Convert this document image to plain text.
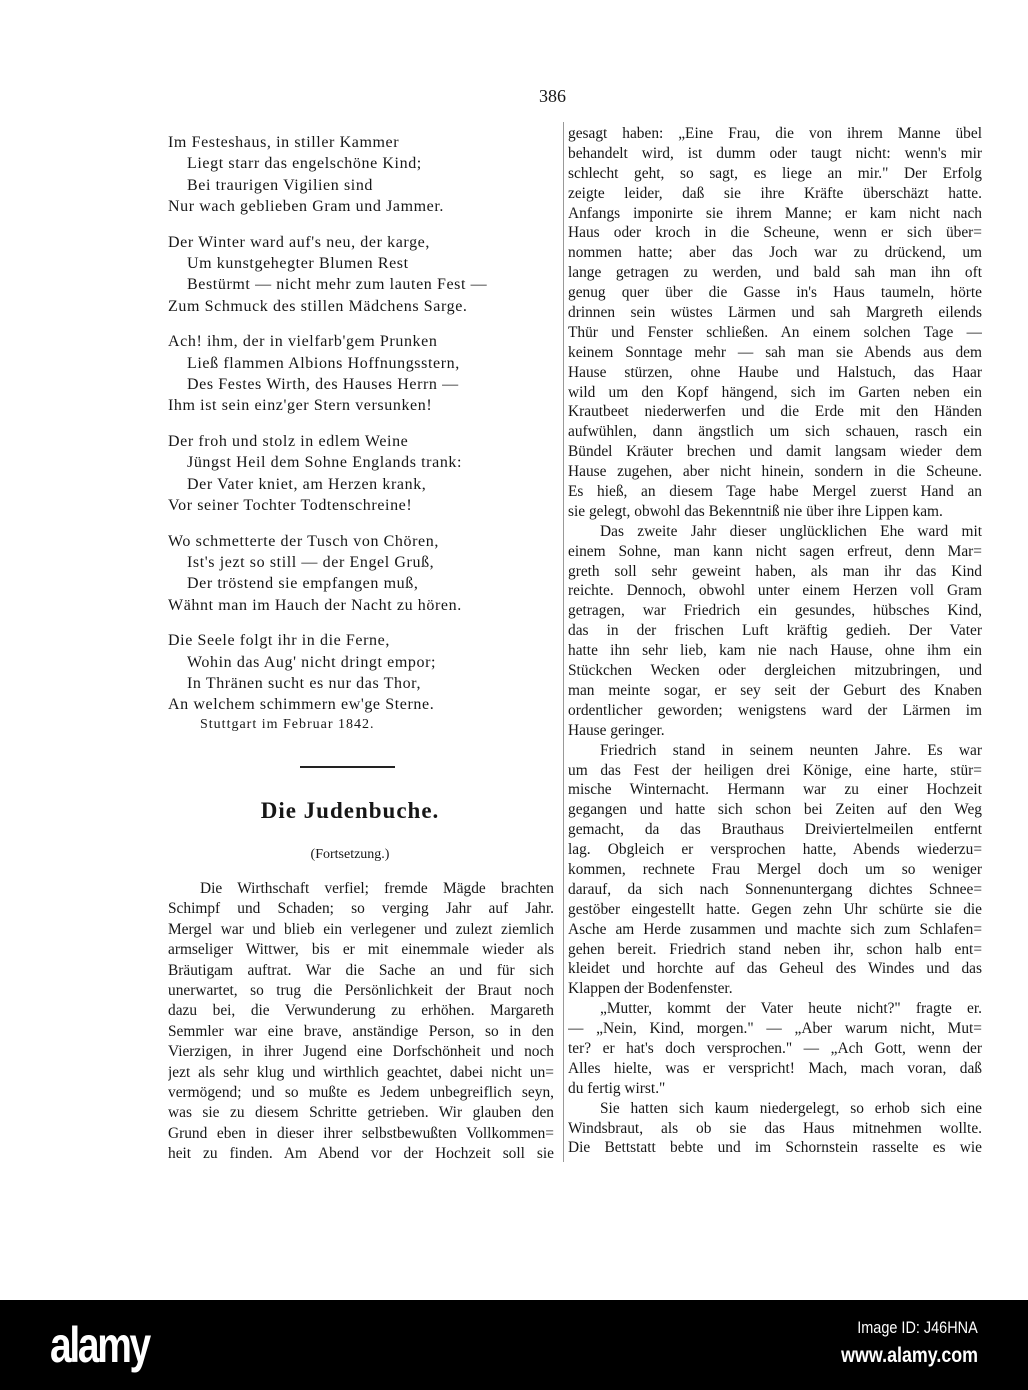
386
Im Festeshaus, in stiller Kammer
Liegt starr das engelschöne Kind;
Bei traurigen Vigilien sind
Nur wach geblieben Gram und Jammer.
Der Winter ward auf's neu, der karge,
Um kunstgehegter Blumen Rest
Bestürmt — nicht mehr zum lauten Fest —
Zum Schmuck des stillen Mädchens Sarge.
Ach! ihm, der in vielfarb'gem Prunken
Ließ flammen Albions Hoffnungsstern,
Des Festes Wirth, des Hauses Herrn —
Ihm ist sein einz'ger Stern versunken!
Der froh und stolz in edlem Weine
Jüngst Heil dem Sohne Englands trank:
Der Vater kniet, am Herzen krank,
Vor seiner Tochter Todtenschreine!
Wo schmetterte der Tusch von Chören,
Ist's jezt so still — der Engel Gruß,
Der tröstend sie empfangen muß,
Wähnt man im Hauch der Nacht zu hören.
Die Seele folgt ihr in die Ferne,
Wohin das Aug' nicht dringt empor;
In Thränen sucht es nur das Thor,
An welchem schimmern ew'ge Sterne.
Stuttgart im Februar 1842.
Die Judenbuche.
(Fortsetzung.)
Die Wirthschaft verfiel; fremde Mägde brachten
Schimpf und Schaden; so verging Jahr auf Jahr.
Mergel war und blieb ein verlegener und zulezt ziemlich
armseliger Wittwer, bis er mit einemmale wieder als
Bräutigam auftrat. War die Sache an und für sich
unerwartet, so trug die Persönlichkeit der Braut noch
dazu bei, die Verwunderung zu erhöhen. Margareth
Semmler war eine brave, anständige Person, so in den
Vierzigen, in ihrer Jugend eine Dorfschönheit und noch
jezt als sehr klug und wirthlich geachtet, dabei nicht un=
vermögend; und so mußte es Jedem unbegreiflich seyn,
was sie zu diesem Schritte getrieben. Wir glauben den
Grund eben in dieser ihrer selbstbewußten Vollkommen=
heit zu finden. Am Abend vor der Hochzeit soll sie
gesagt haben: „Eine Frau, die von ihrem Manne übel
behandelt wird, ist dumm oder taugt nicht: wenn's mir
schlecht geht, so sagt, es liege an mir." Der Erfolg
zeigte leider, daß sie ihre Kräfte überschäzt hatte.
Anfangs imponirte sie ihrem Manne; er kam nicht nach
Haus oder kroch in die Scheune, wenn er sich über=
nommen hatte; aber das Joch war zu drückend, um
lange getragen zu werden, und bald sah man ihn oft
genug quer über die Gasse in's Haus taumeln, hörte
drinnen sein wüstes Lärmen und sah Margreth eilends
Thür und Fenster schließen. An einem solchen Tage —
keinem Sonntage mehr — sah man sie Abends aus dem
Hause stürzen, ohne Haube und Halstuch, das Haar
wild um den Kopf hängend, sich im Garten neben ein
Krautbeet niederwerfen und die Erde mit den Händen
aufwühlen, dann ängstlich um sich schauen, rasch ein
Bündel Kräuter brechen und damit langsam wieder dem
Hause zugehen, aber nicht hinein, sondern in die Scheune.
Es hieß, an diesem Tage habe Mergel zuerst Hand an
sie gelegt, obwohl das Bekenntniß nie über ihre Lippen kam.
Das zweite Jahr dieser unglücklichen Ehe ward mit
einem Sohne, man kann nicht sagen erfreut, denn Mar=
greth soll sehr geweint haben, als man ihr das Kind
reichte. Dennoch, obwohl unter einem Herzen voll Gram
getragen, war Friedrich ein gesundes, hübsches Kind,
das in der frischen Luft kräftig gedieh. Der Vater
hatte ihn sehr lieb, kam nie nach Hause, ohne ihm ein
Stückchen Wecken oder dergleichen mitzubringen, und
man meinte sogar, er sey seit der Geburt des Knaben
ordentlicher geworden; wenigstens ward der Lärmen im
Hause geringer.
Friedrich stand in seinem neunten Jahre. Es war
um das Fest der heiligen drei Könige, eine harte, stür=
mische Winternacht. Hermann war zu einer Hochzeit
gegangen und hatte sich schon bei Zeiten auf den Weg
gemacht, da das Brauthaus Dreiviertelmeilen entfernt
lag. Obgleich er versprochen hatte, Abends wiederzu=
kommen, rechnete Frau Mergel doch um so weniger
darauf, da sich nach Sonnenuntergang dichtes Schnee=
gestöber eingestellt hatte. Gegen zehn Uhr schürte sie die
Asche am Herde zusammen und machte sich zum Schlafen=
gehen bereit. Friedrich stand neben ihr, schon halb ent=
kleidet und horchte auf das Geheul des Windes und das
Klappen der Bodenfenster.
„Mutter, kommt der Vater heute nicht?" fragte er.
— „Nein, Kind, morgen." — „Aber warum nicht, Mut=
ter? er hat's doch versprochen." — „Ach Gott, wenn der
Alles hielte, was er verspricht! Mach, mach voran, daß
du fertig wirst."
Sie hatten sich kaum niedergelegt, so erhob sich eine
Windsbraut, als ob sie das Haus mitnehmen wollte.
Die Bettstatt bebte und im Schornstein rasselte es wie
alamy	Image ID: J46HNA
www.alamy.com
